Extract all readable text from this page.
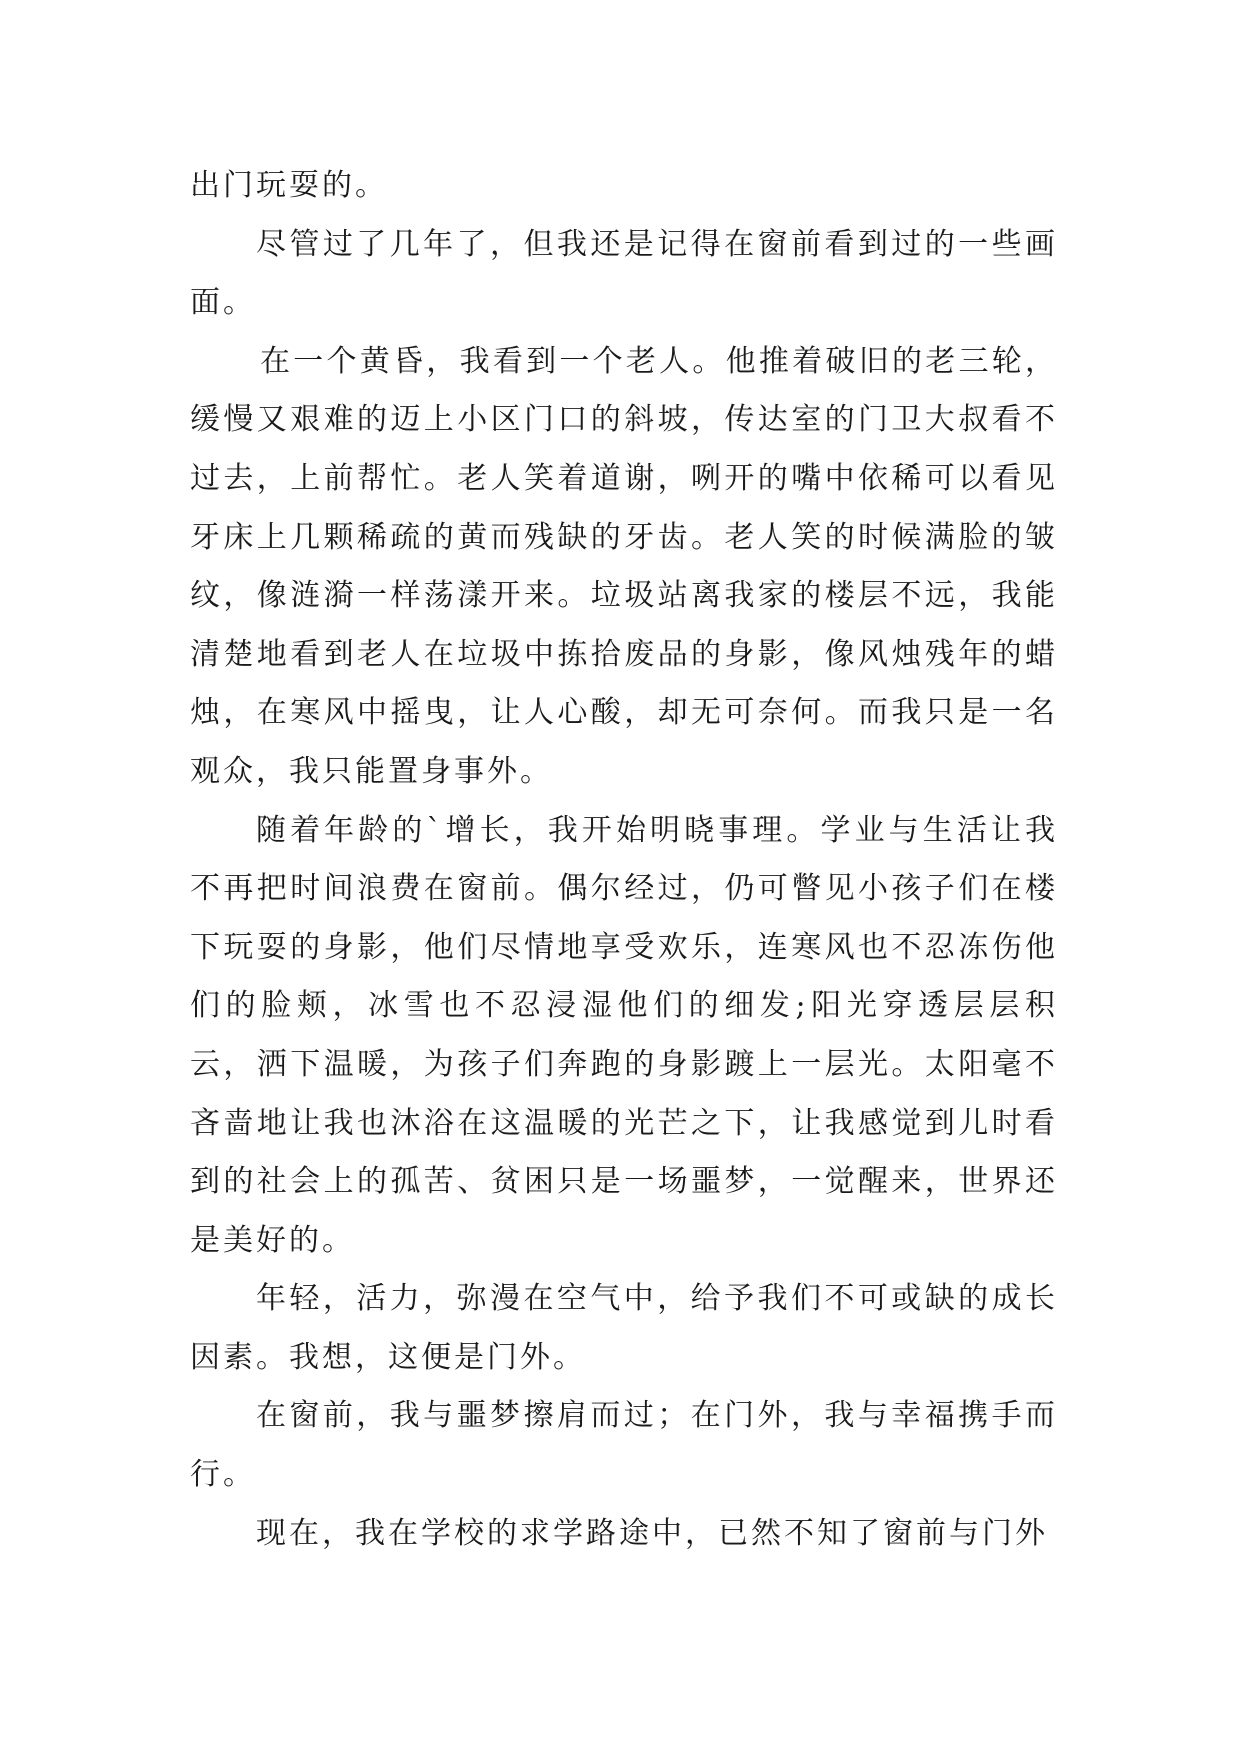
出门玩耍的。

尽管过了几年了，但我还是记得在窗前看到过的一些画面。

在一个黄昏，我看到一个老人。他推着破旧的老三轮，缓慢又艰难的迈上小区门口的斜坡，传达室的门卫大叔看不过去，上前帮忙。老人笑着道谢，咧开的嘴中依稀可以看见牙床上几颗稀疏的黄而残缺的牙齿。老人笑的时候满脸的皱纹，像涟漪一样荡漾开来。垃圾站离我家的楼层不远，我能清楚地看到老人在垃圾中拣拾废品的身影，像风烛残年的蜡烛，在寒风中摇曳，让人心酸，却无可奈何。而我只是一名观众，我只能置身事外。

随着年龄的`增长，我开始明晓事理。学业与生活让我不再把时间浪费在窗前。偶尔经过，仍可瞥见小孩子们在楼下玩耍的身影，他们尽情地享受欢乐，连寒风也不忍冻伤他们的脸颊，冰雪也不忍浸湿他们的细发;阳光穿透层层积云，洒下温暖，为孩子们奔跑的身影踱上一层光。太阳毫不吝啬地让我也沐浴在这温暖的光芒之下，让我感觉到儿时看到的社会上的孤苦、贫困只是一场噩梦，一觉醒来，世界还是美好的。

年轻，活力，弥漫在空气中，给予我们不可或缺的成长因素。我想，这便是门外。

在窗前，我与噩梦擦肩而过；在门外，我与幸福携手而行。

现在，我在学校的求学路途中，已然不知了窗前与门外
